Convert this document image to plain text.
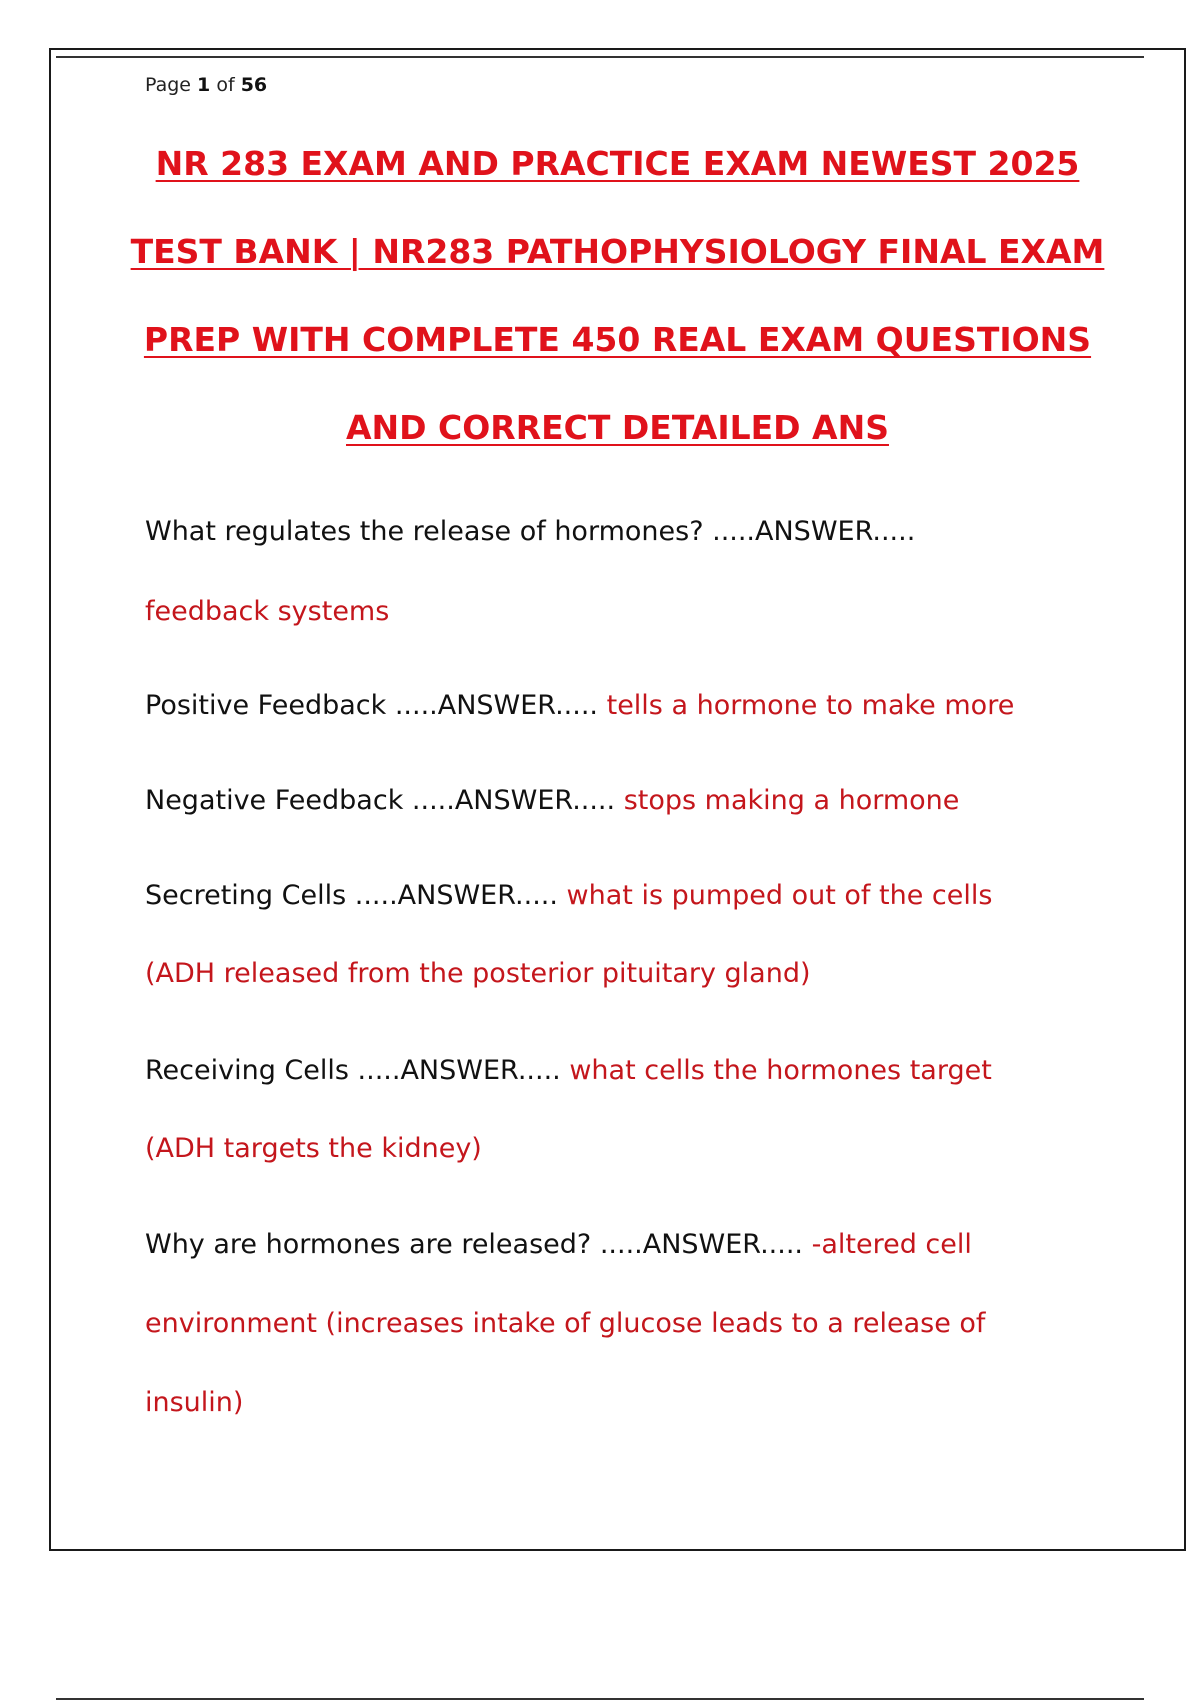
Page 1 of 56
NR 283 EXAM AND PRACTICE EXAM NEWEST 2025
TEST BANK | NR283 PATHOPHYSIOLOGY FINAL EXAM
PREP WITH COMPLETE 450 REAL EXAM QUESTIONS
AND CORRECT DETAILED ANS
What regulates the release of hormones? .....ANSWER.....
feedback systems
Positive Feedback .....ANSWER..... tells a hormone to make more
Negative Feedback .....ANSWER..... stops making a hormone
Secreting Cells .....ANSWER..... what is pumped out of the cells
(ADH released from the posterior pituitary gland)
Receiving Cells .....ANSWER..... what cells the hormones target
(ADH targets the kidney)
Why are hormones are released? .....ANSWER..... -altered cell
environment (increases intake of glucose leads to a release of
insulin)
